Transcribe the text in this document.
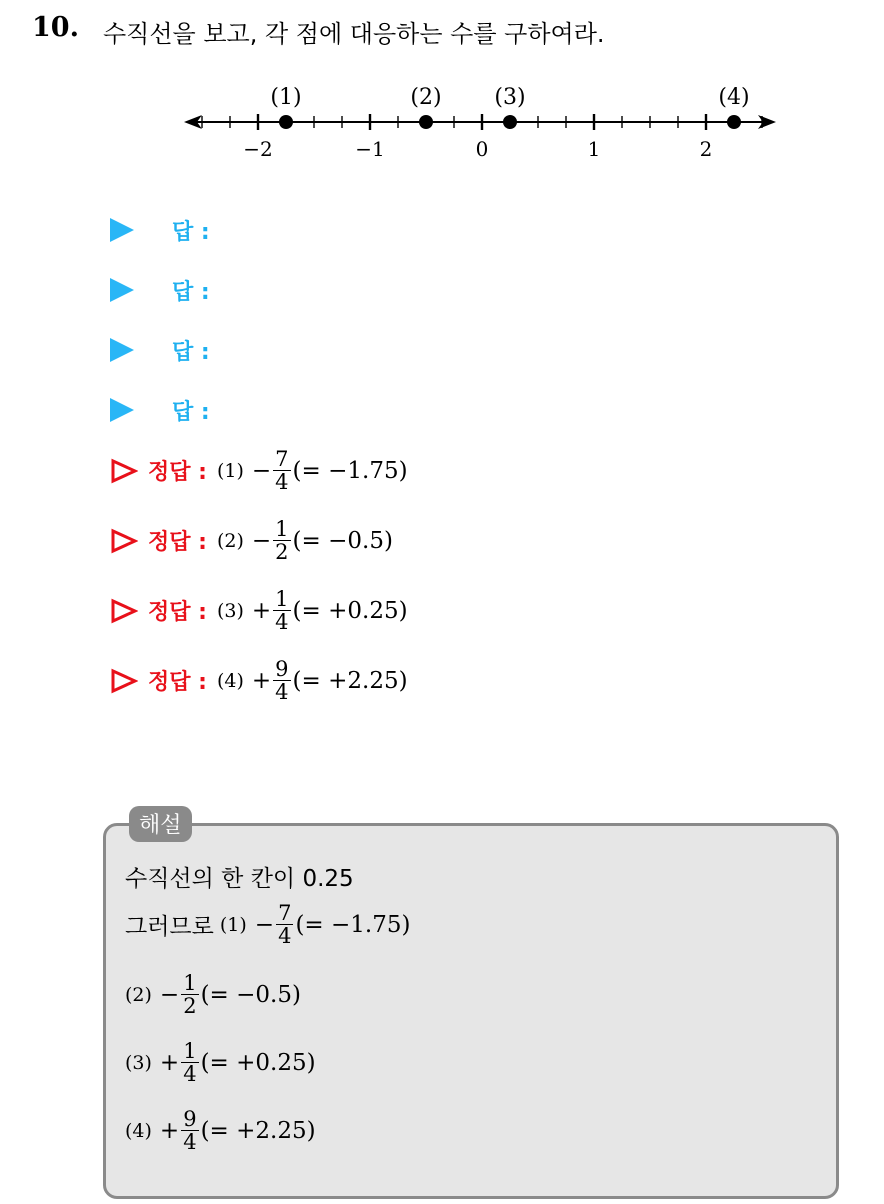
10. 수직선을 보고, 각 점에 대응하는 수를 구하여라.
−2	−1	0	1	2
(1)	(2) (3)	(4)
답 :
답 :
답 :
답 :
정답 : $(1) - \frac{7}{4}$ (= −1.75)
정답 : $(2) - \frac{1}{2}$ (= −0.5)
정답 : $(3) + \frac{1}{4}$ (= +0.25)
정답 : $(4) + \frac{9}{4}$ (= +2.25)
해설
수직선의 한 칸이 0.25
그러므로 $(1) - \frac{7}{4}$ (= −1.75)
$(2) - \frac{1}{2}$ (= −0.5)
$(3) + \frac{1}{4}$ (= +0.25)
$(4) + \frac{9}{4}$ (= +2.25)
